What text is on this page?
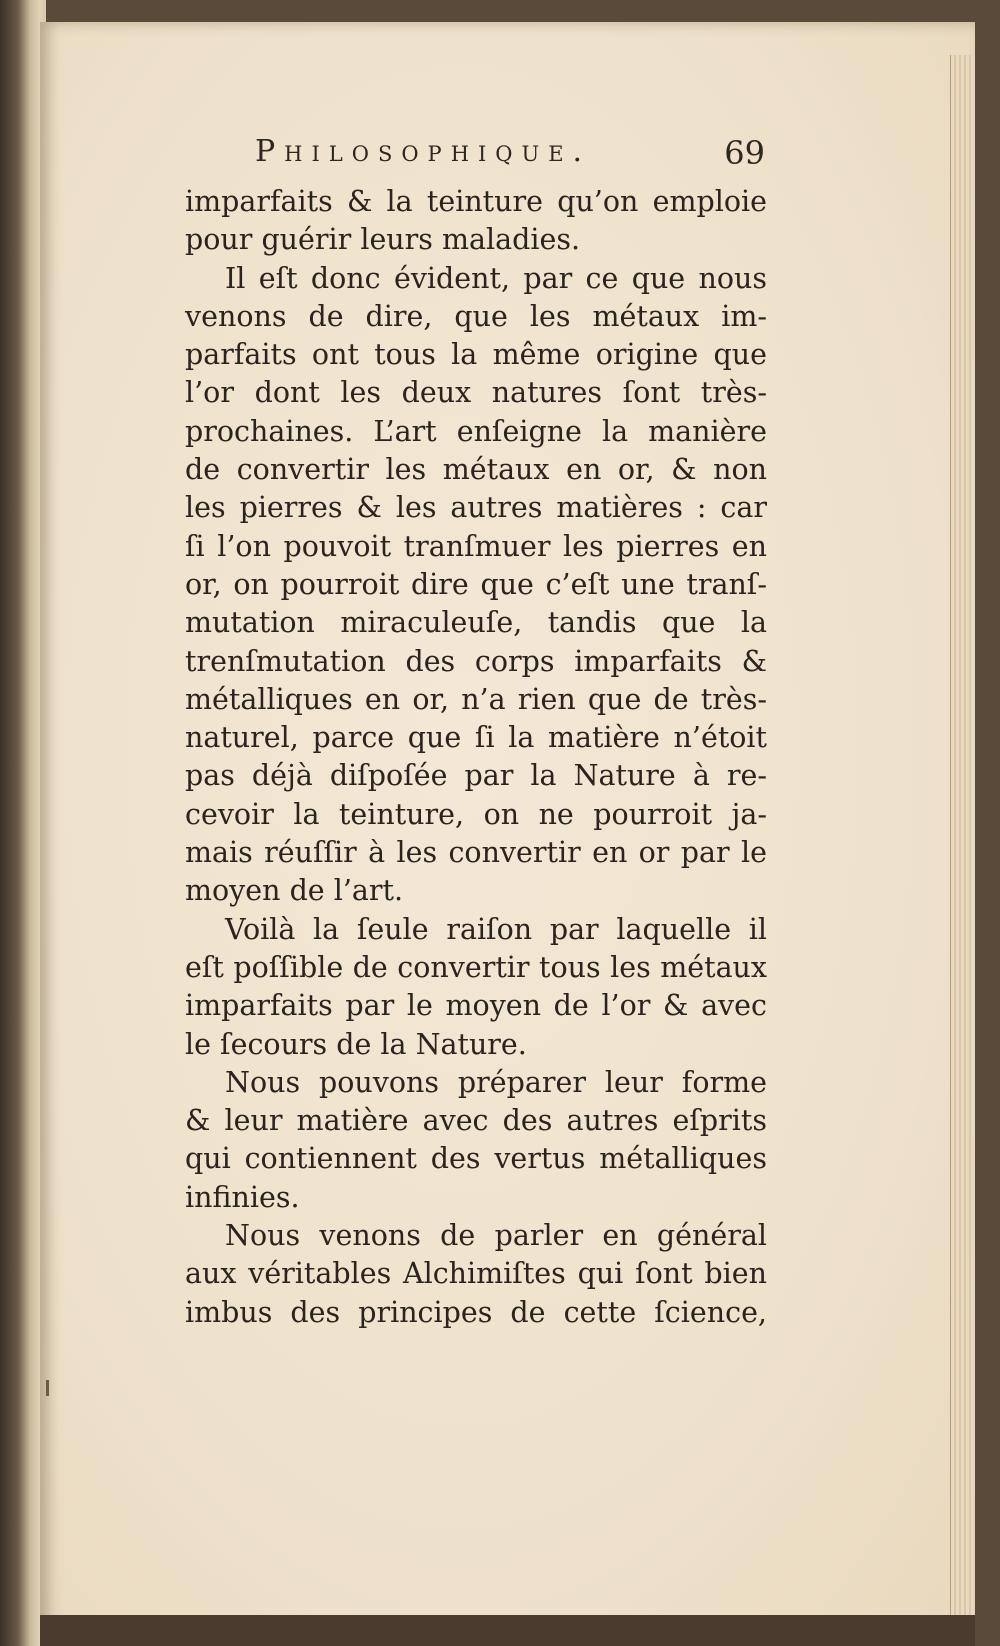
Philosophique.	69
imparfaits & la teinture qu’on emploie
pour guérir leurs maladies.
Il eſt donc évident, par ce que nous
venons de dire, que les métaux im-
parfaits ont tous la même origine que
l’or dont les deux natures ſont très-
prochaines. L’art enſeigne la manière
de convertir les métaux en or, & non
les pierres & les autres matières : car
ſi l’on pouvoit tranſmuer les pierres en
or, on pourroit dire que c’eſt une tranſ-
mutation miraculeuſe, tandis que la
trenſmutation des corps imparfaits &
métalliques en or, n’a rien que de très-
naturel, parce que ſi la matière n’étoit
pas déjà diſpoſée par la Nature à re-
cevoir la teinture, on ne pourroit ja-
mais réuſſir à les convertir en or par le
moyen de l’art.
Voilà la ſeule raiſon par laquelle il
eſt poſſible de convertir tous les métaux
imparfaits par le moyen de l’or & avec
le ſecours de la Nature.
Nous pouvons préparer leur forme
& leur matière avec des autres eſprits
qui contiennent des vertus métalliques
infinies.
Nous venons de parler en général
aux véritables Alchimiſtes qui ſont bien
imbus des principes de cette ſcience,
